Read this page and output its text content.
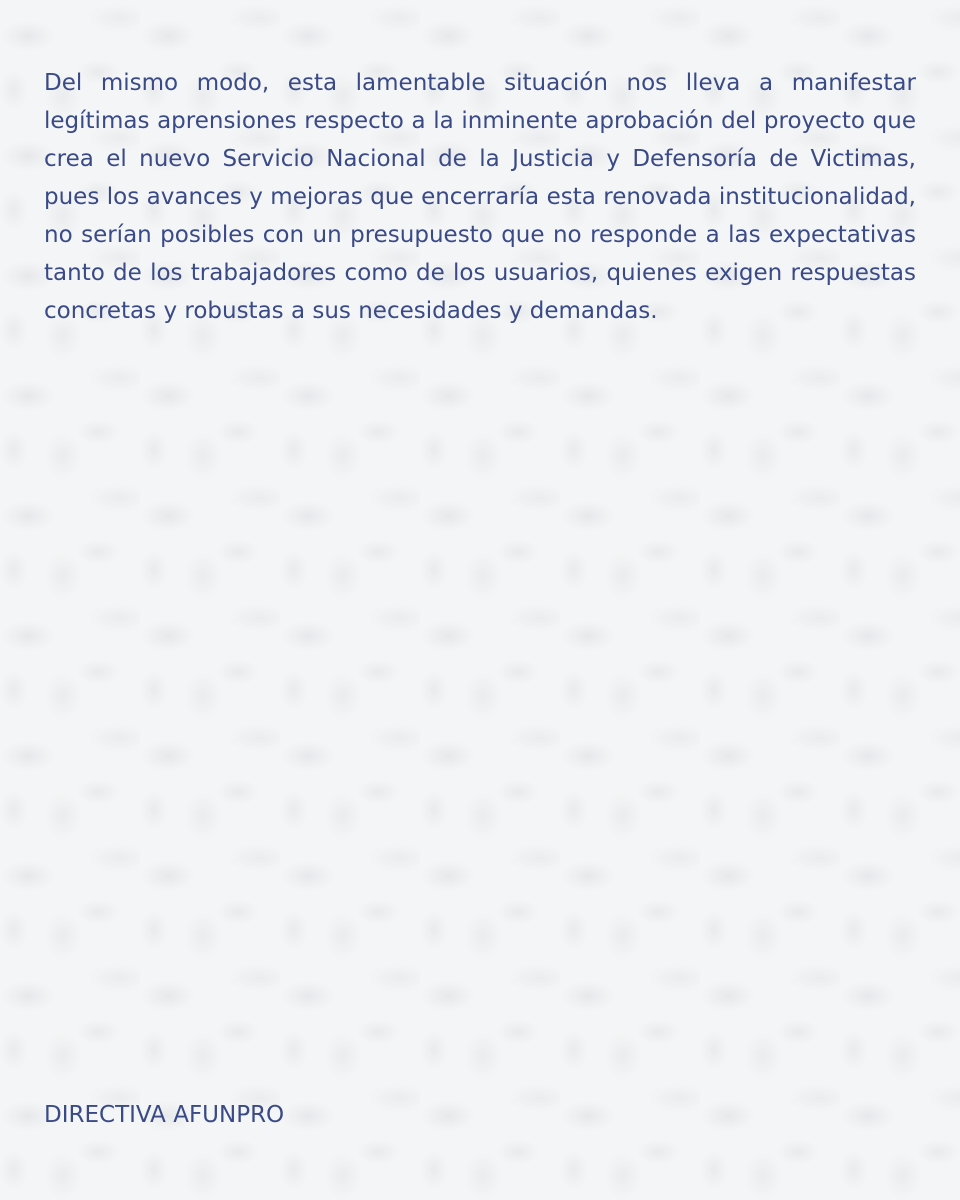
Del mismo modo, esta lamentable situación nos lleva a manifestar legítimas aprensiones respecto a la inminente aprobación del proyecto que crea el nuevo Servicio Nacional de la Justicia y Defensoría de Victimas, pues los avances y mejoras que encerraría esta renovada institucionalidad, no serían posibles con un presupuesto que no responde a las expectativas tanto de los trabajadores como de los usuarios, quienes exigen respuestas concretas y robustas a sus necesidades y demandas.

DIRECTIVA AFUNPRO
